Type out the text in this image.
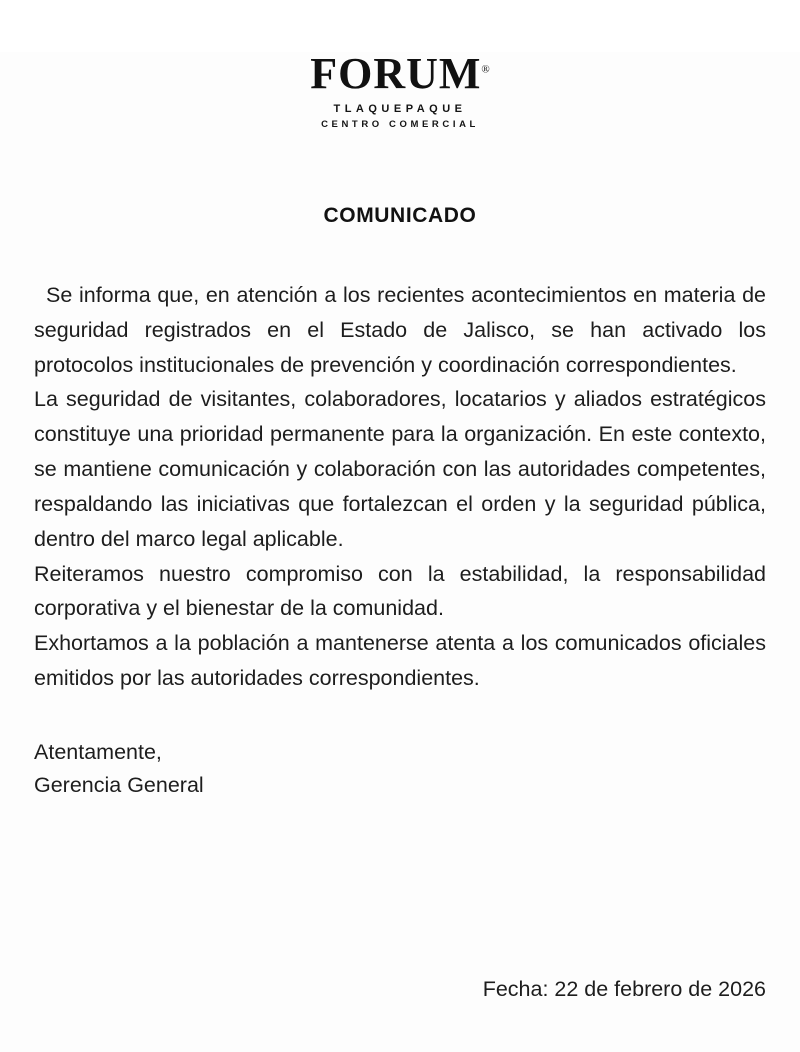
FORUM®
TLAQUEPAQUE
CENTRO COMERCIAL
COMUNICADO

Se informa que, en atención a los recientes acontecimientos en materia de seguridad registrados en el Estado de Jalisco, se han activado los protocolos institucionales de prevención y coordinación correspondientes.

La seguridad de visitantes, colaboradores, locatarios y aliados estratégicos constituye una prioridad permanente para la organización. En este contexto, se mantiene comunicación y colaboración con las autoridades competentes, respaldando las iniciativas que fortalezcan el orden y la seguridad pública, dentro del marco legal aplicable.

Reiteramos nuestro compromiso con la estabilidad, la responsabilidad corporativa y el bienestar de la comunidad.

Exhortamos a la población a mantenerse atenta a los comunicados oficiales emitidos por las autoridades correspondientes.

Atentamente,
Gerencia General
Fecha: 22 de febrero de 2026
